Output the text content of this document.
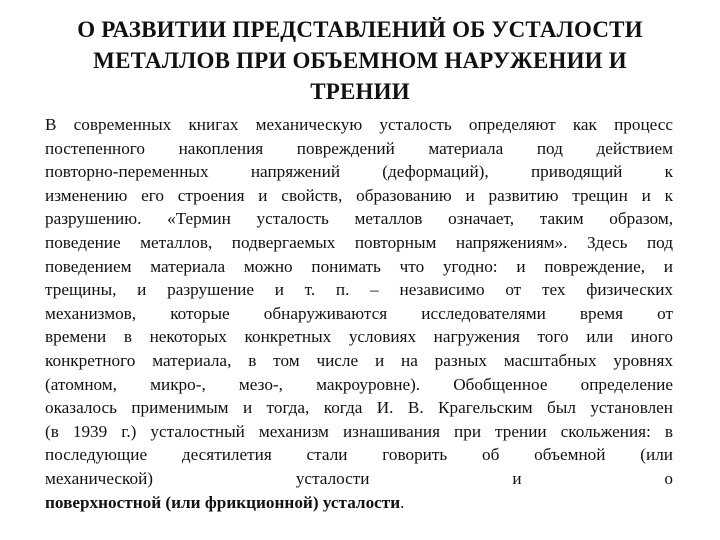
О РАЗВИТИИ ПРЕДСТАВЛЕНИЙ ОБ УСТАЛОСТИ
МЕТАЛЛОВ ПРИ ОБЪЕМНОМ НАРУЖЕНИИ И
ТРЕНИИ
В современных книгах механическую усталость определяют как процесс
постепенного накопления повреждений материала под действием
повторно-переменных напряжений (деформаций), приводящий к
изменению его строения и свойств, образованию и развитию трещин и к
разрушению. «Термин усталость металлов означает, таким образом,
поведение металлов, подвергаемых повторным напряжениям». Здесь под
поведением материала можно понимать что угодно: и повреждение, и
трещины, и разрушение и т. п. – независимо от тех физических
механизмов, которые обнаруживаются исследователями время от
времени в некоторых конкретных условиях нагружения того или иного
конкретного материала, в том числе и на разных масштабных уровнях
(атомном, микро-, мезо-, макроуровне). Обобщенное определение
оказалось применимым и тогда, когда И. В. Крагельским был установлен
(в 1939 г.) усталостный механизм изнашивания при трении скольжения: в
последующие десятилетия стали говорить об объемной (или
механической) усталости и о
поверхностной (или фрикционной) усталости.
